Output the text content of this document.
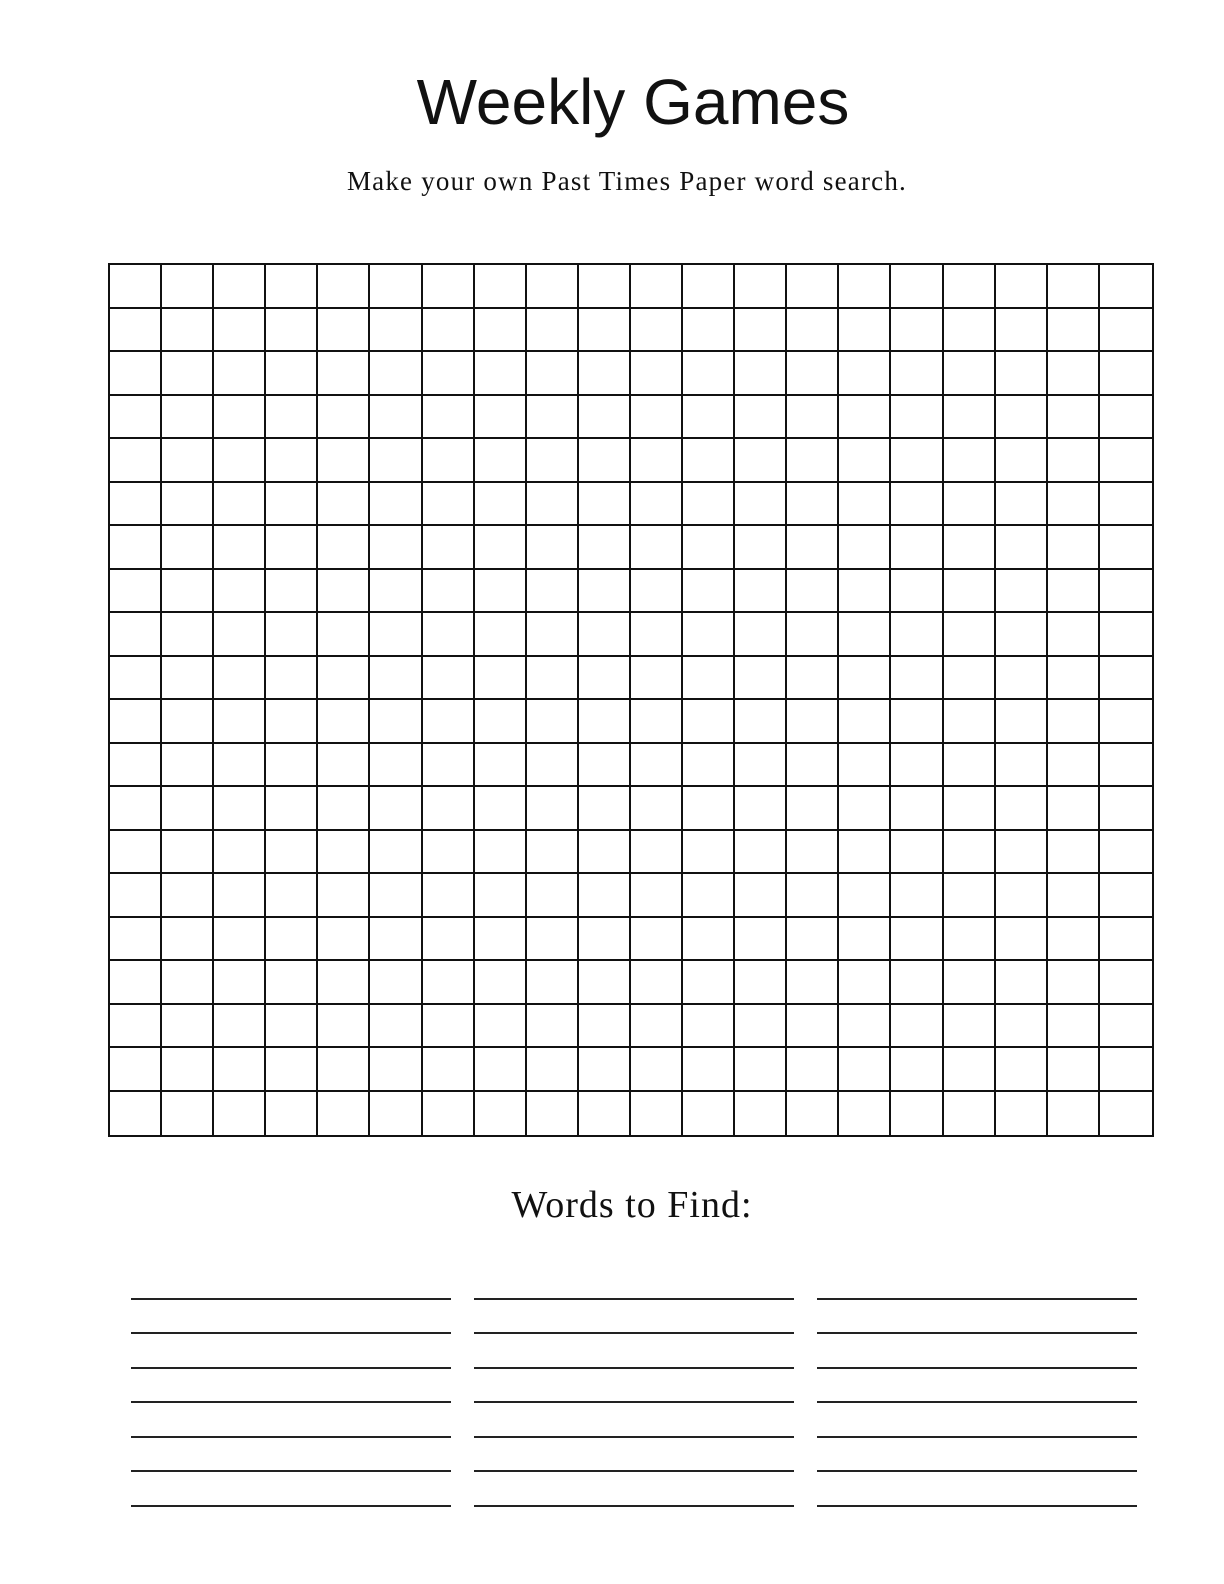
Weekly Games
Make your own Past Times Paper word search.
Words to Find:
